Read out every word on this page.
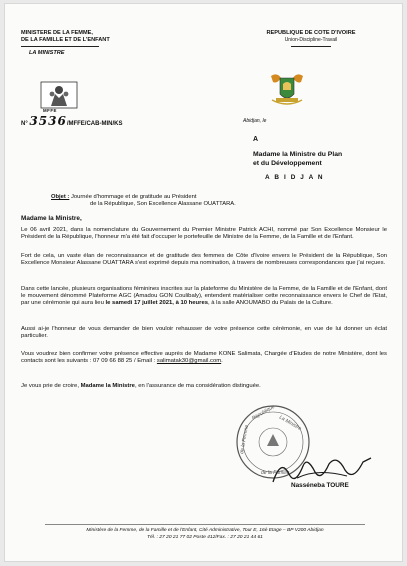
MINISTERE DE LA FEMME,
DE LA FAMILLE ET DE L'ENFANT
LA MINISTRE
MFFE
N° 3536/MFFE/CAB-MIN/KS
REPUBLIQUE DE COTE D'IVOIRE
Union-Discipline-Travail
Abidjan, le
A
Madame la Ministre du Plan
et du Développement
A B I D J A N
Objet : Journée d'hommage et de gratitude au Président
de la République, Son Excellence Alassane OUATTARA.
Madame la Ministre,
Le 06 avril 2021, dans la nomenclature du Gouvernement du Premier Ministre Patrick ACHI, nommé par Son Excellence Monsieur le Président de la République, l'honneur m'a été fait d'occuper le portefeuille de Ministre de la Femme, de la Famille et de l'Enfant.
Fort de cela, un vaste élan de reconnaissance et de gratitude des femmes de Côte d'Ivoire envers le Président de la République, Son Excellence Monsieur Alassane OUATTARA s'est exprimé depuis ma nomination, à travers de nombreuses correspondances que j'ai reçues.
Dans cette lancée, plusieurs organisations féminines inscrites sur la plateforme du Ministère de la Femme, de la Famille et de l'Enfant, dont le mouvement dénommé Plateforme AGC (Amadou GON Coulibaly), entendent matérialiser cette reconnaissance envers le Chef de l'Etat, par une cérémonie qui aura lieu le samedi 17 juillet 2021, à 10 heures, à la salle ANOUMABO du Palais de la Culture.
Aussi ai-je l'honneur de vous demander de bien vouloir rehausser de votre présence cette cérémonie, en vue de lui donner un éclat particulier.
Vous voudrez bien confirmer votre présence effective auprès de Madame KONE Salimata, Chargée d'Etudes de notre Ministère, dont les contacts sont les suivants : 07 09 66 88 25 / Email : salimatak30@gmail.com.
Je vous prie de croire, Madame la Ministre, en l'assurance de ma considération distinguée.
République
La Ministre
de la Femme
de la Famille
Nasséneba TOURE
Ministère de la Femme, de la Famille et de l'Enfant, Cité Administrative, Tour E, 16è Etage – BP V200 Abidjan
Tél. : 27 20 21 77 02 Poste 412/Fax. : 27 20 21 44 61
